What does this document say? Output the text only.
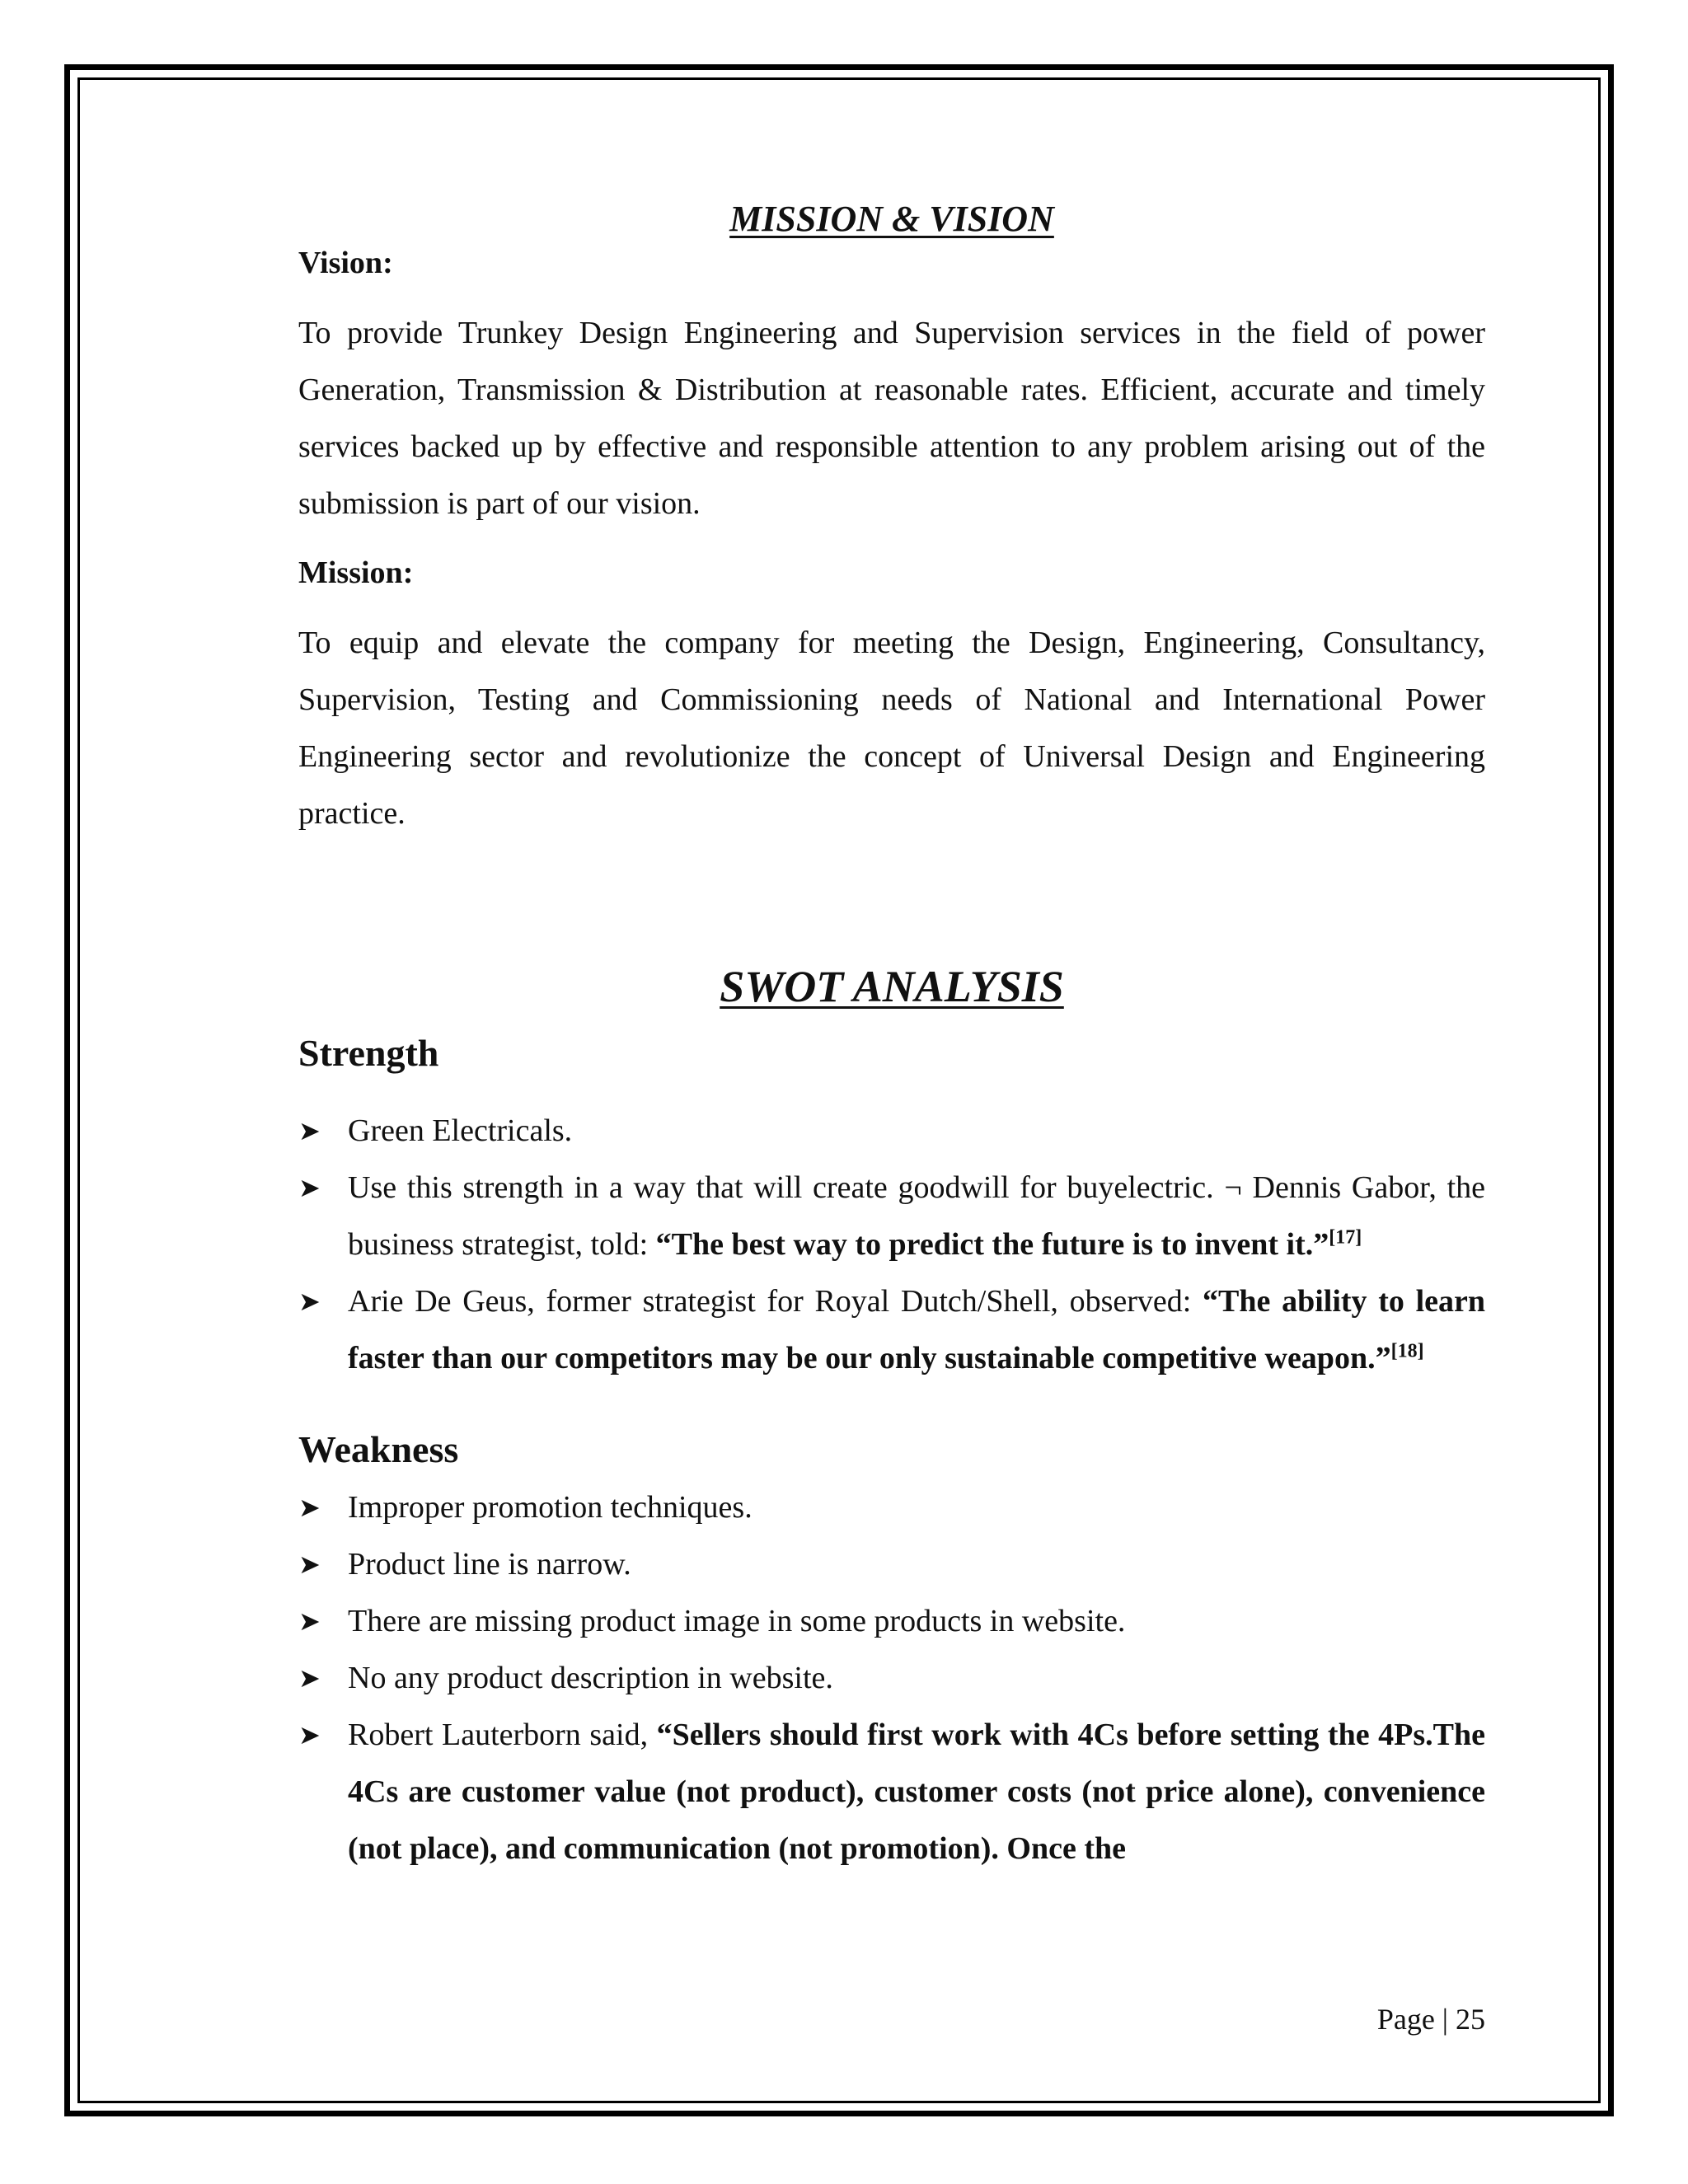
MISSION & VISION

Vision:

To provide Trunkey Design Engineering and Supervision services in the field of power Generation, Transmission & Distribution at reasonable rates. Efficient, accurate and timely services backed up by effective and responsible attention to any problem arising out of the submission is part of our vision.

Mission:

To equip and elevate the company for meeting the Design, Engineering, Consultancy, Supervision, Testing and Commissioning needs of National and International Power Engineering sector and revolutionize the concept of Universal Design and Engineering practice.

SWOT ANALYSIS

Strength

➤ Green Electricals.
➤ Use this strength in a way that will create goodwill for buyelectric. ¬ Dennis Gabor, the business strategist, told: “The best way to predict the future is to invent it.”[17]
➤ Arie De Geus, former strategist for Royal Dutch/Shell, observed: “The ability to learn faster than our competitors may be our only sustainable competitive weapon.”[18]

Weakness

➤ Improper promotion techniques.
➤ Product line is narrow.
➤ There are missing product image in some products in website.
➤ No any product description in website.
➤ Robert Lauterborn said, “Sellers should first work with 4Cs before setting the 4Ps.The 4Cs are customer value (not product), customer costs (not price alone), convenience (not place), and communication (not promotion). Once the
Page | 25
